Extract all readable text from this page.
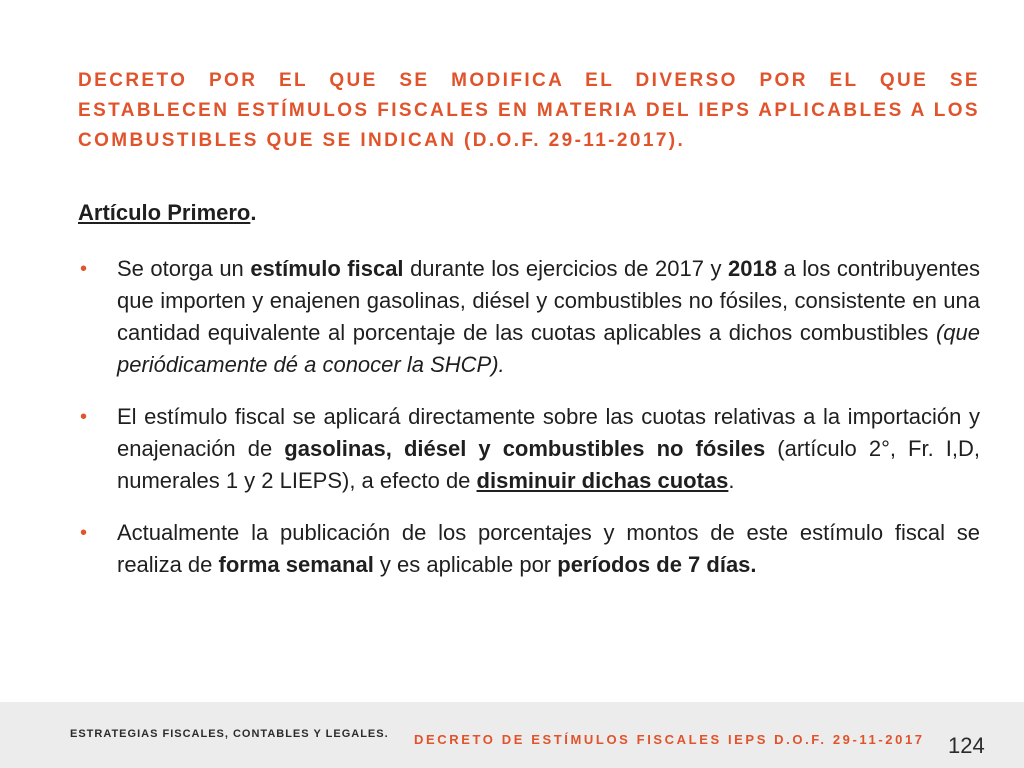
DECRETO POR EL QUE SE MODIFICA EL DIVERSO POR EL QUE SE ESTABLECEN ESTÍMULOS FISCALES EN MATERIA DEL IEPS APLICABLES A LOS COMBUSTIBLES QUE SE INDICAN (D.O.F. 29-11-2017).

Artículo Primero.

• Se otorga un estímulo fiscal durante los ejercicios de 2017 y 2018 a los contribuyentes que importen y enajenen gasolinas, diésel y combustibles no fósiles, consistente en una cantidad equivalente al porcentaje de las cuotas aplicables a dichos combustibles (que periódicamente dé a conocer la SHCP).
• El estímulo fiscal se aplicará directamente sobre las cuotas relativas a la importación y enajenación de gasolinas, diésel y combustibles no fósiles (artículo 2°, Fr. I,D, numerales 1 y 2 LIEPS), a efecto de disminuir dichas cuotas.
• Actualmente la publicación de los porcentajes y montos de este estímulo fiscal se realiza de forma semanal y es aplicable por períodos de 7 días.
ESTRATEGIAS FISCALES, CONTABLES Y LEGALES. DECRETO DE ESTÍMULOS FISCALES IEPS D.O.F. 29-11-2017 124
